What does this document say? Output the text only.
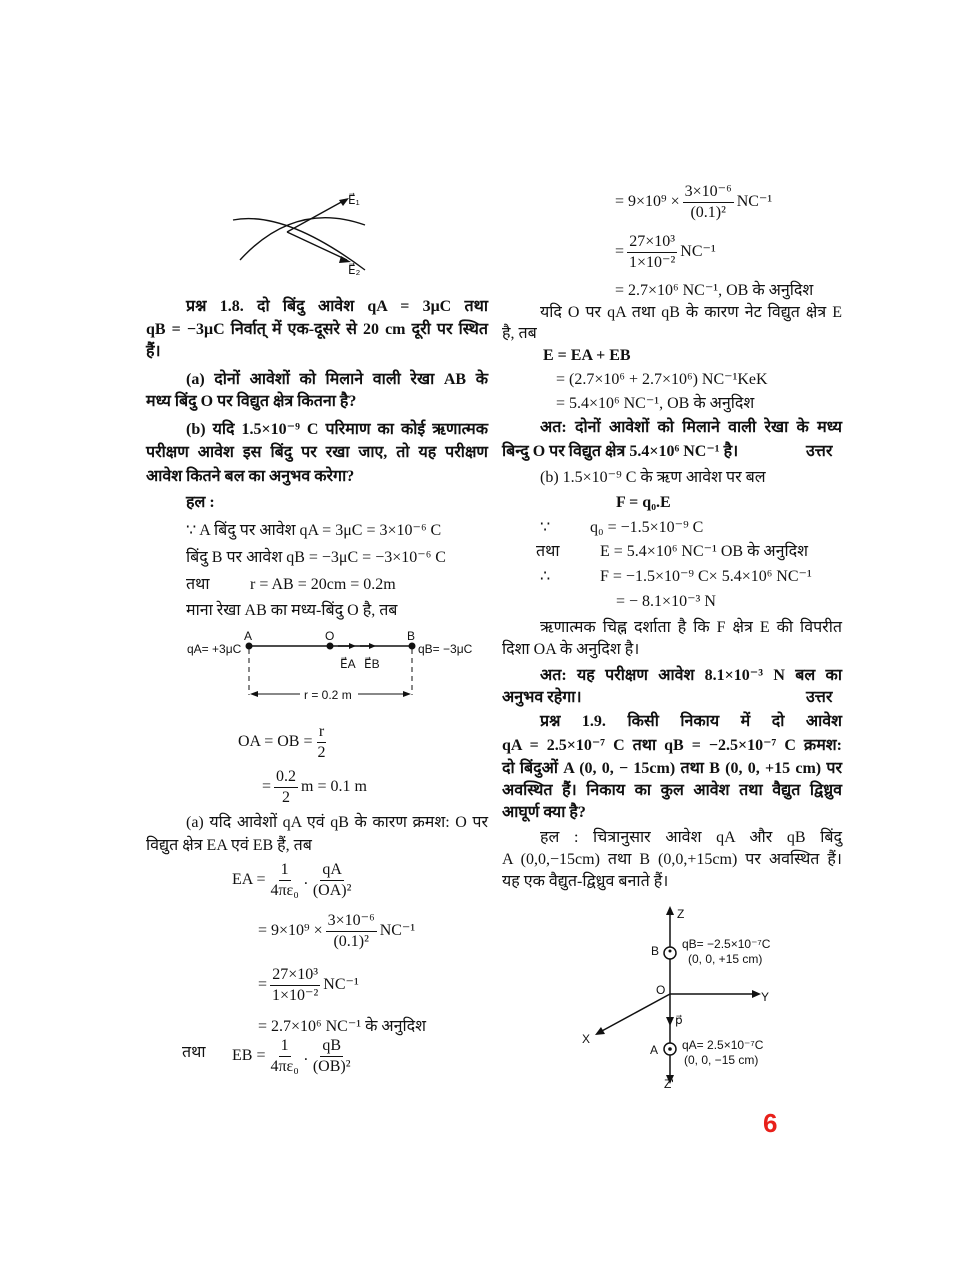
E⃗₁
E⃗₂
प्रश्न 1.8. दो बिंदु आवेश qA = 3μC तथा
qB = −3μC निर्वात् में एक-दूसरे से 20 cm दूरी पर स्थित
हैं।
(a) दोनों आवेशों को मिलाने वाली रेखा AB के
मध्य बिंदु O पर विद्युत क्षेत्र कितना है?
(b) यदि 1.5×10⁻⁹ C परिमाण का कोई ऋणात्मक
परीक्षण आवेश इस बिंदु पर रखा जाए, तो यह परीक्षण
आवेश कितने बल का अनुभव करेगा?
हल :
∵ A बिंदु पर आवेश qA = 3μC = 3×10⁻⁶ C
बिंदु B पर आवेश qB = −3μC = −3×10⁻⁶ C
तथा	r = AB = 20cm = 0.2m
माना रेखा AB का मध्य-बिंदु O है, तब
qA= +3μC
A	O	B
qB= −3μC
E⃗A E⃗B
r = 0.2 m
OA = OB = $\frac{r}{2}$
= $\frac{0.2}{2}$ m = 0.1 m
(a) यदि आवेशों qA एवं qB के कारण क्रमश: O पर
विद्युत क्षेत्र EA एवं EB हैं, तब
EA = $\frac{1}{\text{4πε₀}}$ . $\frac{qA}{\text{(OA)²}}$
= $9\times 10^9 \times \frac{\text{3×10⁻⁶}}{\text{(0.1)²}} NC^{-1}$
= $\frac{\text{27×10³}}{\text{1×10⁻²}} NC^{-1}$
= 2.7×10⁶ NC⁻¹ के अनुदिश
तथा	EB = $\frac{1}{\text{4πε₀}}$ . $\frac{qB}{\text{(OB)²}}$
= $9\times 10^9 \times \frac{\text{3×10⁻⁶}}{\text{(0.1)²}} NC^{-1}$
= $\frac{\text{27×10³}}{\text{1×10⁻²}} NC^{-1}$
= 2.7×10⁶ NC⁻¹, OB के अनुदिश
यदि O पर qA तथा qB के कारण नेट विद्युत क्षेत्र E
है, तब
E = EA + EB
= (2.7×10⁶ + 2.7×10⁶) NC⁻¹KeK
= 5.4×10⁶ NC⁻¹, OB के अनुदिश
अत: दोनों आवेशों को मिलाने वाली रेखा के मध्य
बिन्दु O पर विद्युत क्षेत्र 5.4×10⁶ NC⁻¹ है।	उत्तर
(b) 1.5×10⁻⁹ C के ऋण आवेश पर बल
F = q₀.E
∵ q₀ = −1.5×10⁻⁹ C
तथा	E = 5.4×10⁶ NC⁻¹ OB के अनुदिश
∴	F = −1.5×10⁻⁹ C× 5.4×10⁶ NC⁻¹
= − 8.1×10⁻³ N
ऋणात्मक चिह्न दर्शाता है कि F क्षेत्र E की विपरीत
दिशा OA के अनुदिश है।
अत: यह परीक्षण आवेश 8.1×10⁻³ N बल का
अनुभव रहेगा।	उत्तर
प्रश्न 1.9. किसी निकाय में दो आवेश
qA = 2.5×10⁻⁷ C तथा qB = −2.5×10⁻⁷ C क्रमश:
दो बिंदुओं A (0, 0, − 15cm) तथा B (0, 0, +15 cm) पर
अवस्थित हैं। निकाय का कुल आवेश तथा वैद्युत द्विध्रुव
आघूर्ण क्या है?
हल : चित्रानुसार आवेश qA और qB बिंदु
A (0,0,−15cm) तथा B (0,0,+15cm) पर अवस्थित हैं।
यह एक वैद्युत-द्विध्रुव बनाते हैं।
Z
Z'
Y
X
O
B
A
p⃗
qB= −2.5×10⁻⁷C
(0, 0, +15 cm)
qA= 2.5×10⁻⁷C
(0, 0, −15 cm)
6
